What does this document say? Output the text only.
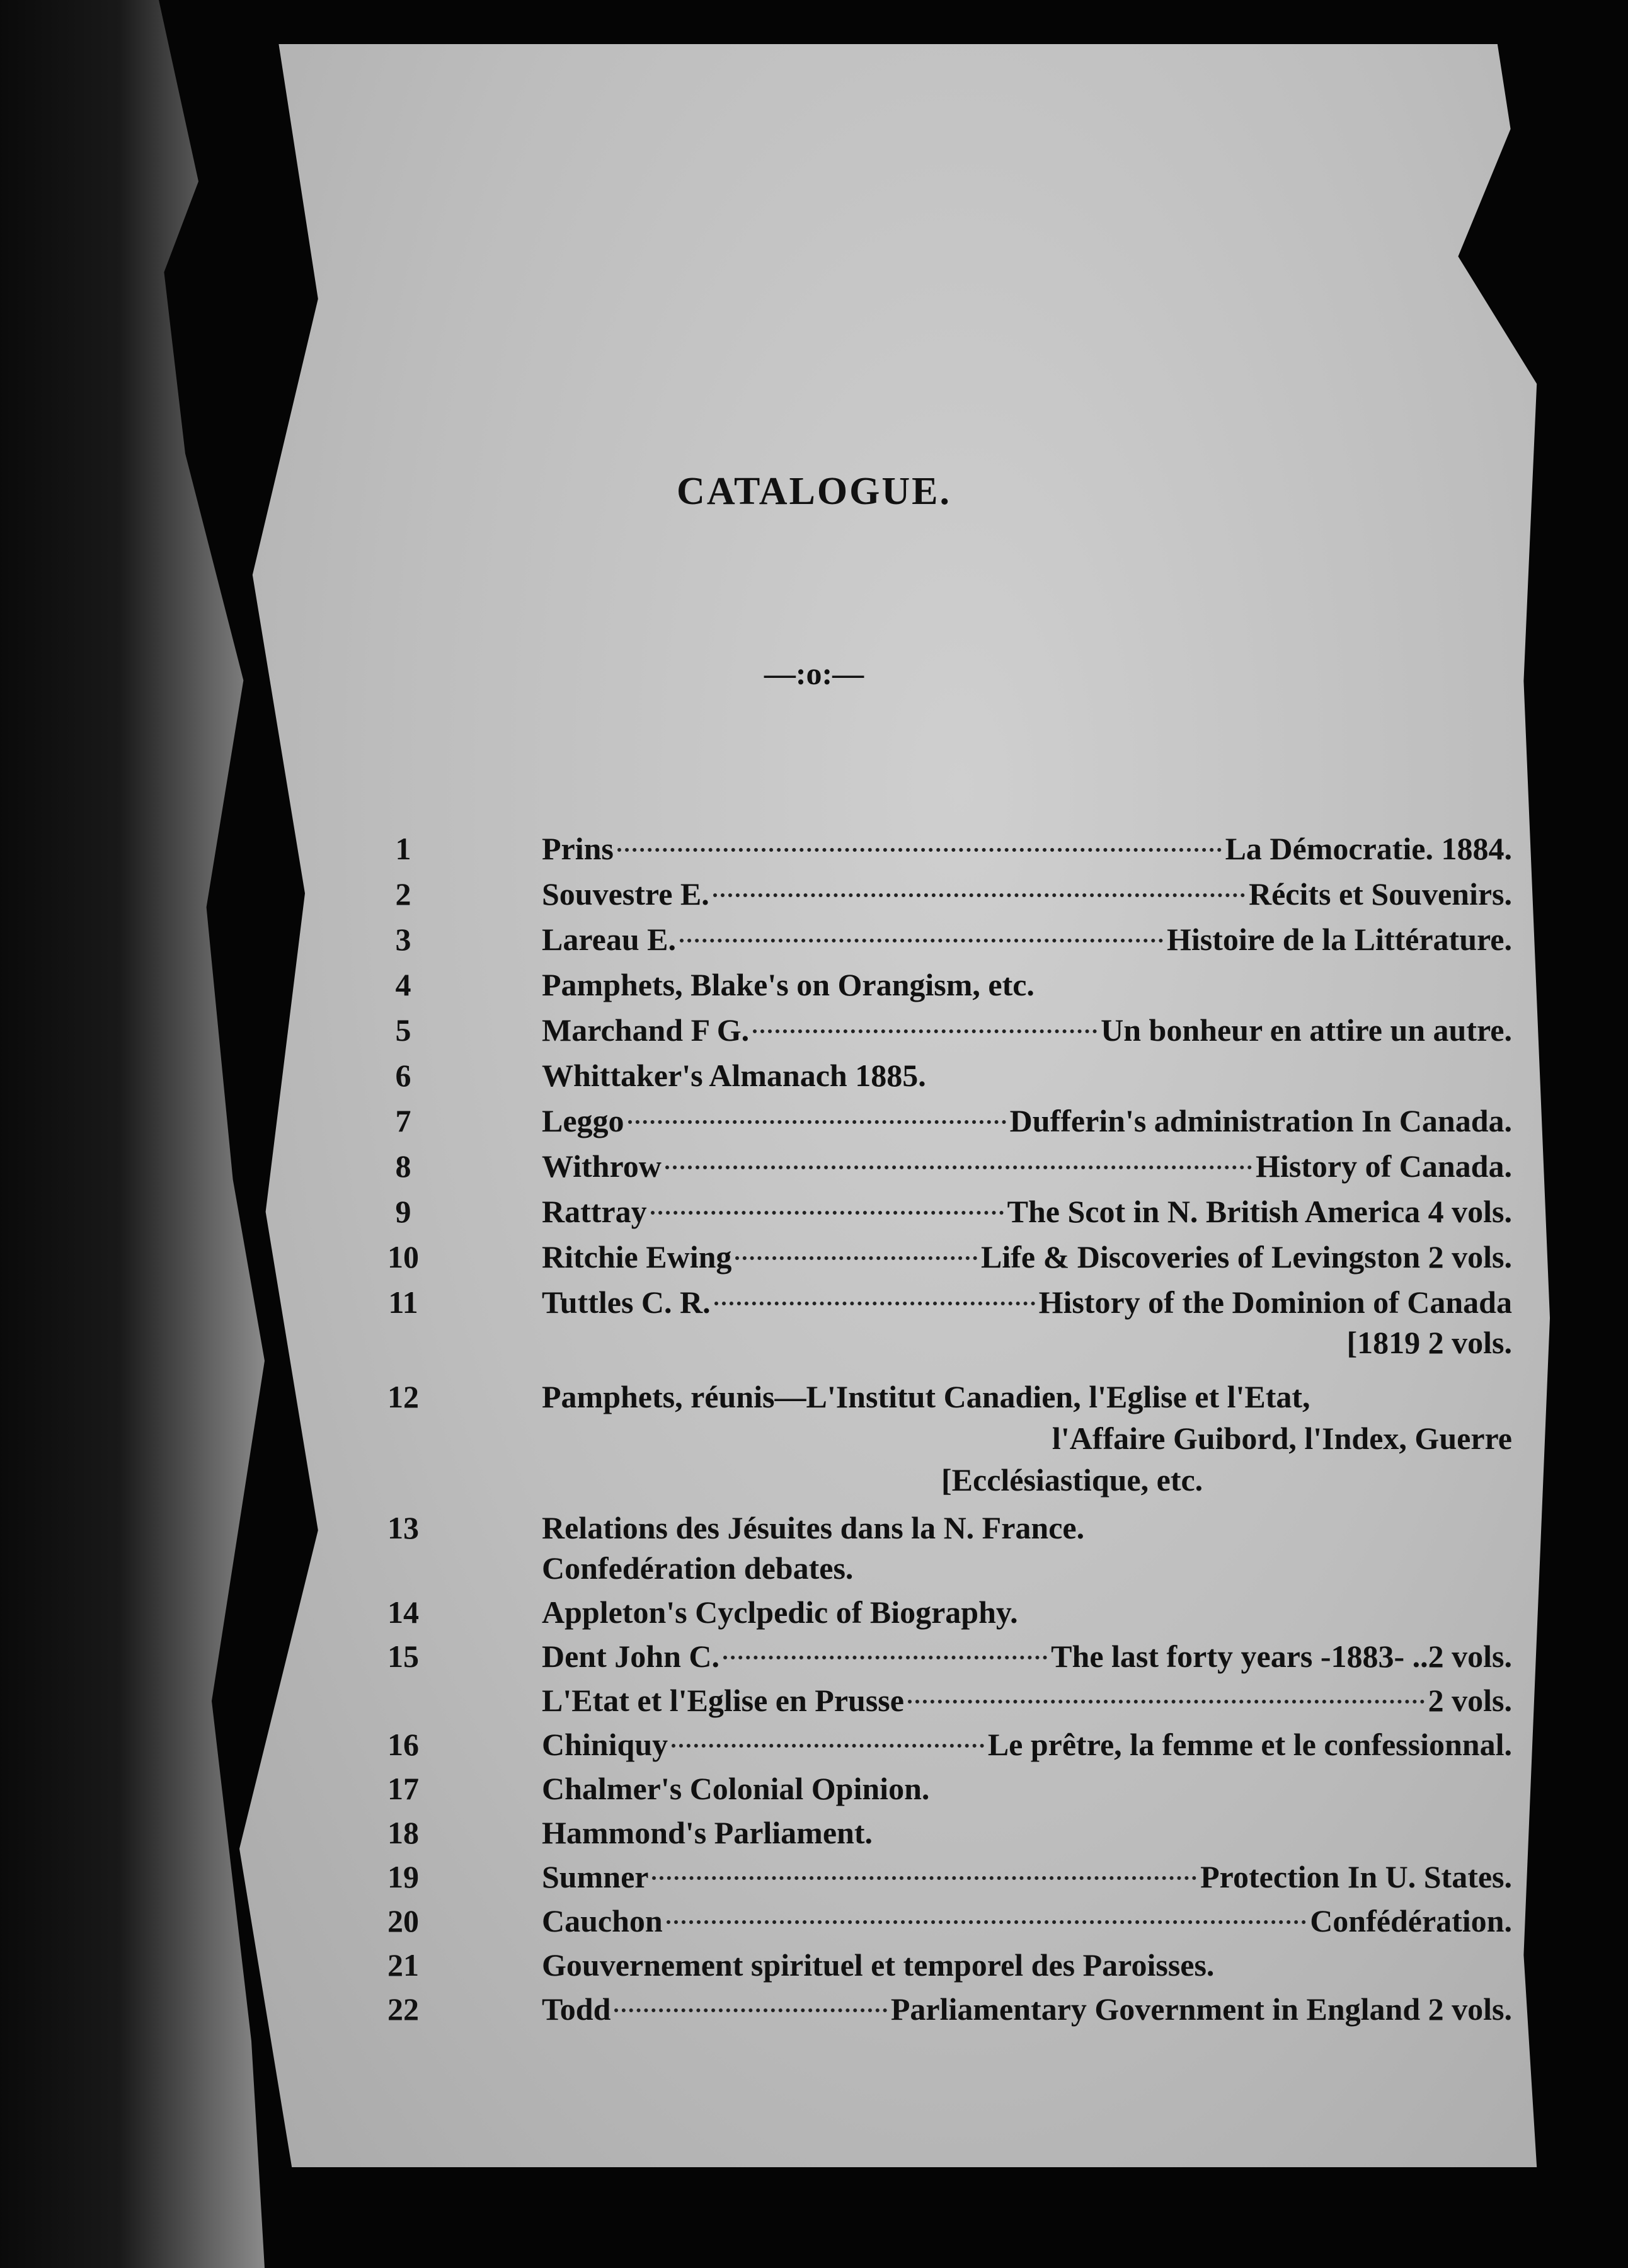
CATALOGUE.
—:o:—
1	Prins	La Démocratie. 1884.
2	Souvestre E.	Récits et Souvenirs.
3	Lareau E.	Histoire de la Littérature.
4	Pamphets, Blake's on Orangism, etc.
5	Marchand F G.	Un bonheur en attire un autre.
6	Whittaker's Almanach 1885.
7	Leggo	Dufferin's administration In Canada.
8	Withrow	History of Canada.
9	Rattray	The Scot in N. British America 4 vols.
10	Ritchie Ewing	Life & Discoveries of Levingston 2 vols.
11	Tuttles C. R.	History of the Dominion of Canada
[1819 2 vols.
12	Pamphets, réunis— L'Institut Canadien, l'Eglise et l'Etat,
l'Affaire Guibord, l'Index, Guerre
[Ecclésiastique, etc.
13	Relations des Jésuites dans la N. France.
Confedération debates.
14	Appleton's Cyclpedic of Biography.
15	Dent John C.	The last forty years -1883- ..2 vols.
L'Etat et l'Eglise en Prusse	2 vols.
16	Chiniquy	Le prêtre, la femme et le confessionnal.
17	Chalmer's Colonial Opinion.
18	Hammond's Parliament.
19	Sumner	Protection In U. States.
20	Cauchon	Confédération.
21	Gouvernement spirituel et temporel des Paroisses.
22	Todd	Parliamentary Government in England 2 vols.
